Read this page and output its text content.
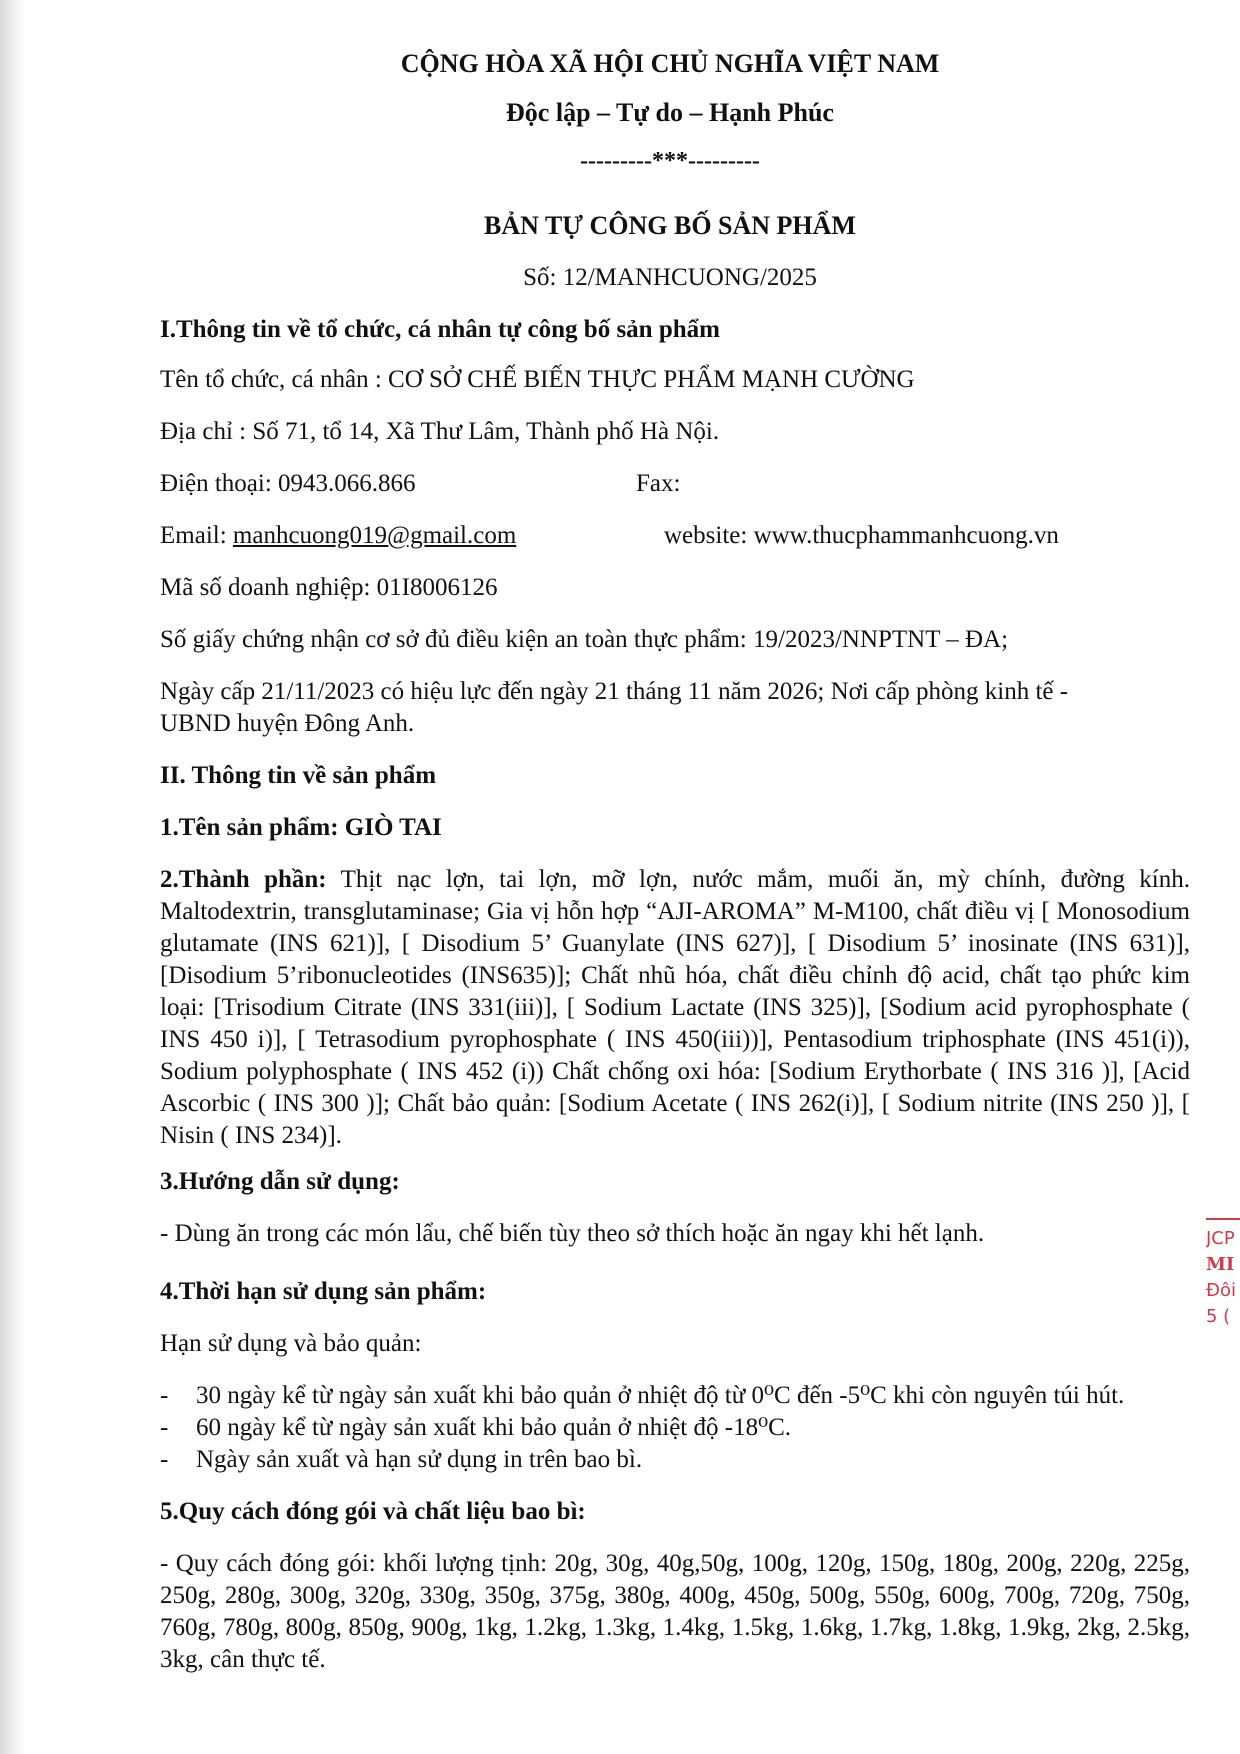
CỘNG HÒA XÃ HỘI CHỦ NGHĨA VIỆT NAM
Độc lập – Tự do – Hạnh Phúc
---------***---------
BẢN TỰ CÔNG BỐ SẢN PHẨM
Số: 12/MANHCUONG/2025
I.Thông tin về tổ chức, cá nhân tự công bố sản phẩm
Tên tổ chức, cá nhân : CƠ SỞ CHẾ BIẾN THỰC PHẨM MẠNH CƯỜNG
Địa chỉ : Số 71, tổ 14, Xã Thư Lâm, Thành phố Hà Nội.
Điện thoại: 0943.066.866	Fax:
Email: manhcuong019@gmail.com	website: www.thucphammanhcuong.vn
Mã số doanh nghiệp: 01I8006126
Số giấy chứng nhận cơ sở đủ điều kiện an toàn thực phẩm: 19/2023/NNPTNT – ĐA;
Ngày cấp 21/11/2023 có hiệu lực đến ngày 21 tháng 11 năm 2026; Nơi cấp phòng kinh tế -
UBND huyện Đông Anh.
II. Thông tin về sản phẩm
1.Tên sản phẩm: GIÒ TAI
2.Thành phần: Thịt nạc lợn, tai lợn, mỡ lợn, nước mắm, muối ăn, mỳ chính, đường kính. Maltodextrin, transglutaminase; Gia vị hỗn hợp “AJI-AROMA” M-M100, chất điều vị [ Monosodium glutamate (INS 621)], [ Disodium 5’ Guanylate (INS 627)], [ Disodium 5’ inosinate (INS 631)], [Disodium 5’ribonucleotides (INS635)]; Chất nhũ hóa, chất điều chỉnh độ acid, chất tạo phức kim loại: [Trisodium Citrate (INS 331(iii)], [ Sodium Lactate (INS 325)], [Sodium acid pyrophosphate ( INS 450 i)], [ Tetrasodium pyrophosphate ( INS 450(iii))], Pentasodium triphosphate (INS 451(i)), Sodium polyphosphate ( INS 452 (i)) Chất chống oxi hóa: [Sodium Erythorbate ( INS 316 )], [Acid Ascorbic ( INS 300 )]; Chất bảo quản: [Sodium Acetate ( INS 262(i)], [ Sodium nitrite (INS 250 )], [ Nisin ( INS 234)].
3.Hướng dẫn sử dụng:
- Dùng ăn trong các món lẩu, chế biến tùy theo sở thích hoặc ăn ngay khi hết lạnh.
4.Thời hạn sử dụng sản phẩm:
Hạn sử dụng và bảo quản:
- 30 ngày kể từ ngày sản xuất khi bảo quản ở nhiệt độ từ 0⁰C đến -5⁰C khi còn nguyên túi hút.
- 60 ngày kể từ ngày sản xuất khi bảo quản ở nhiệt độ -18⁰C.
- Ngày sản xuất và hạn sử dụng in trên bao bì.
5.Quy cách đóng gói và chất liệu bao bì:
- Quy cách đóng gói: khối lượng tịnh: 20g, 30g, 40g,50g, 100g, 120g, 150g, 180g, 200g, 220g, 225g, 250g, 280g, 300g, 320g, 330g, 350g, 375g, 380g, 400g, 450g, 500g, 550g, 600g, 700g, 720g, 750g, 760g, 780g, 800g, 850g, 900g, 1kg, 1.2kg, 1.3kg, 1.4kg, 1.5kg, 1.6kg, 1.7kg, 1.8kg, 1.9kg, 2kg, 2.5kg, 3kg, cân thực tế.
JCP
MI
Đôi
5 (
